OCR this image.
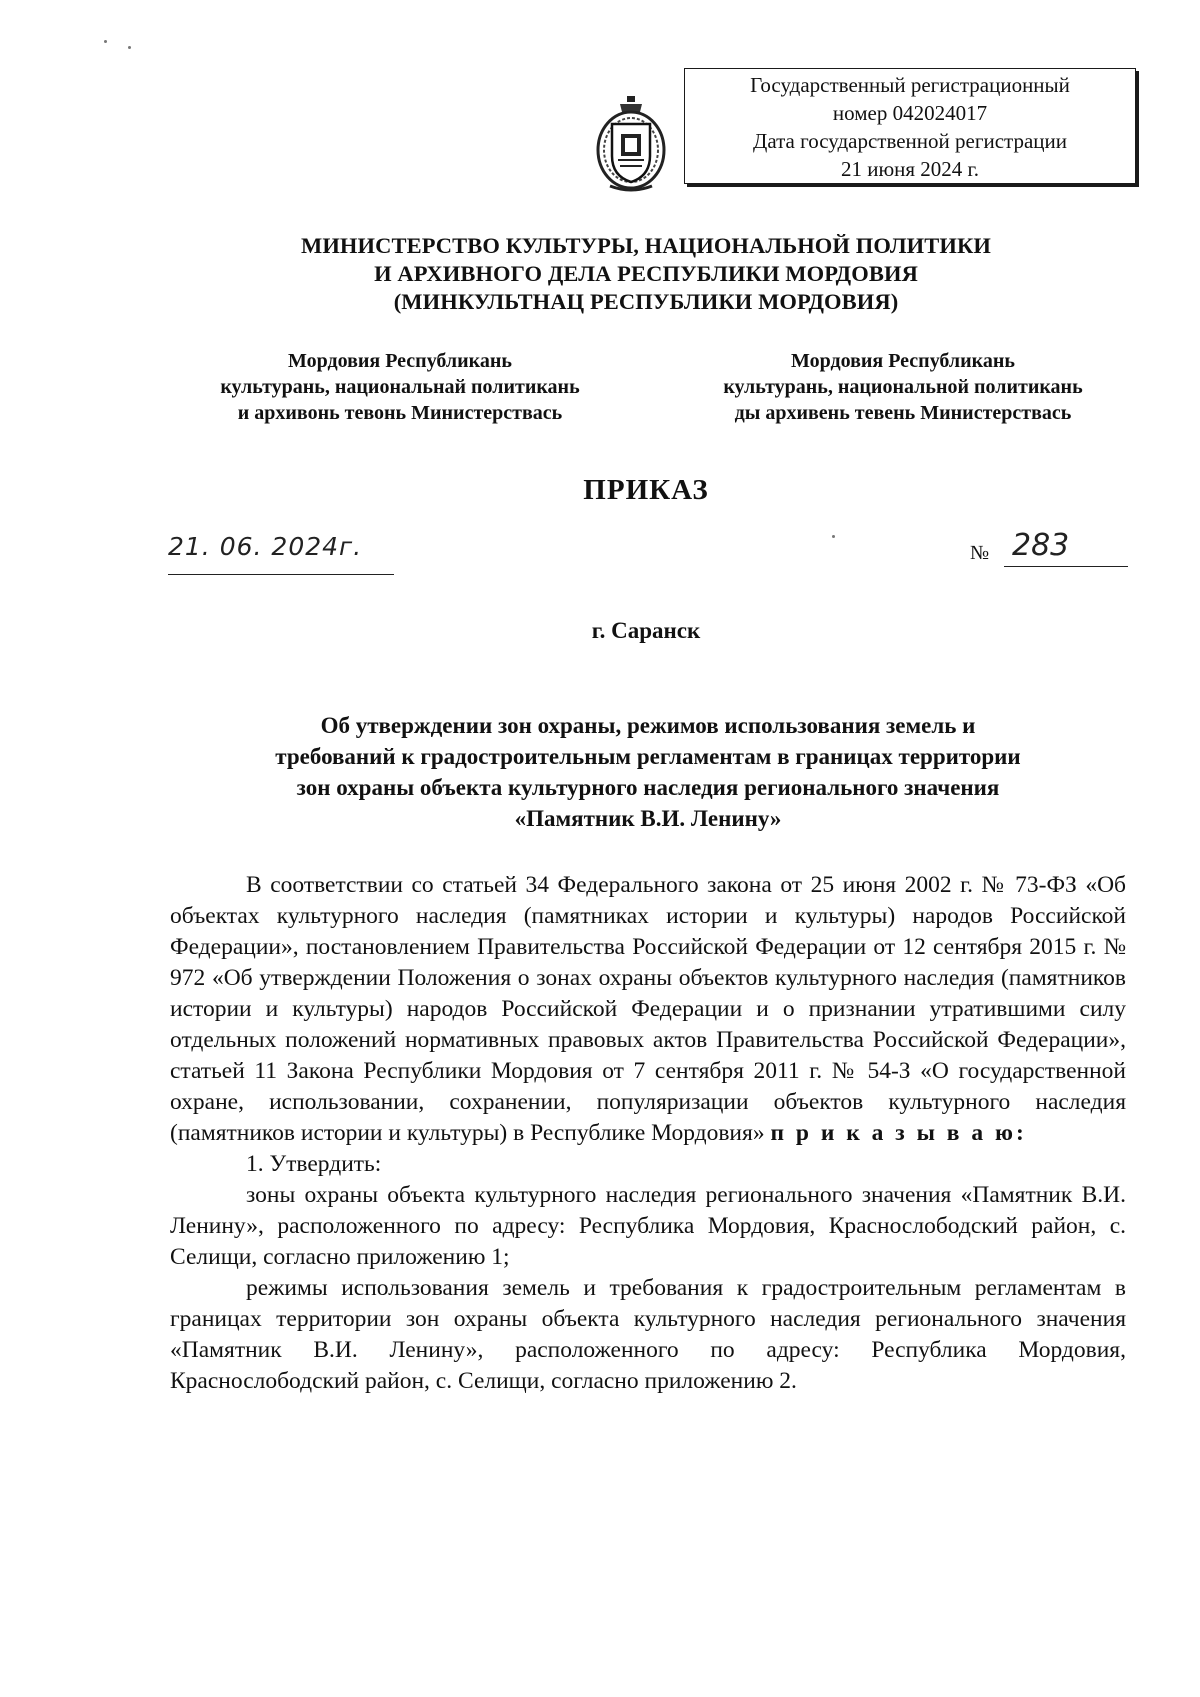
Государственный регистрационный
номер 042024017
Дата государственной регистрации
21 июня 2024 г.
МИНИСТЕРСТВО КУЛЬТУРЫ, НАЦИОНАЛЬНОЙ ПОЛИТИКИ
И АРХИВНОГО ДЕЛА РЕСПУБЛИКИ МОРДОВИЯ
(МИНКУЛЬТНАЦ РЕСПУБЛИКИ МОРДОВИЯ)
Мордовия Республикань
культурань, национальнай политикань
и архивонь тевонь Министерствась
Мордовия Республикань
культурань, национальной политикань
ды архивень тевень Министерствась
ПРИКАЗ
21. 06. 2024г.	№ 283
г. Саранск
Об утверждении зон охраны, режимов использования земель и
требований к градостроительным регламентам в границах территории
зон охраны объекта культурного наследия регионального значения
«Памятник В.И. Ленину»

В соответствии со статьей 34 Федерального закона от 25 июня 2002 г. № 73-ФЗ «Об объектах культурного наследия (памятниках истории и культуры) народов Российской Федерации», постановлением Правительства Российской Федерации от 12 сентября 2015 г. № 972 «Об утверждении Положения о зонах охраны объектов культурного наследия (памятников истории и культуры) народов Российской Федерации и о признании утратившими силу отдельных положений нормативных правовых актов Правительства Российской Федерации», статьей 11 Закона Республики Мордовия от 7 сентября 2011 г. № 54-З «О государственной охране, использовании, сохранении, популяризации объектов культурного наследия (памятников истории и культуры) в Республике Мордовия» п р и к а з ы в а ю:

1. Утвердить:

зоны охраны объекта культурного наследия регионального значения «Памятник В.И. Ленину», расположенного по адресу: Республика Мордовия, Краснослободский район, с. Селищи, согласно приложению 1;

режимы использования земель и требования к градостроительным регламентам в границах территории зон охраны объекта культурного наследия регионального значения «Памятник В.И. Ленину», расположенного по адресу: Республика Мордовия, Краснослободский район, с. Селищи, согласно приложению 2.
